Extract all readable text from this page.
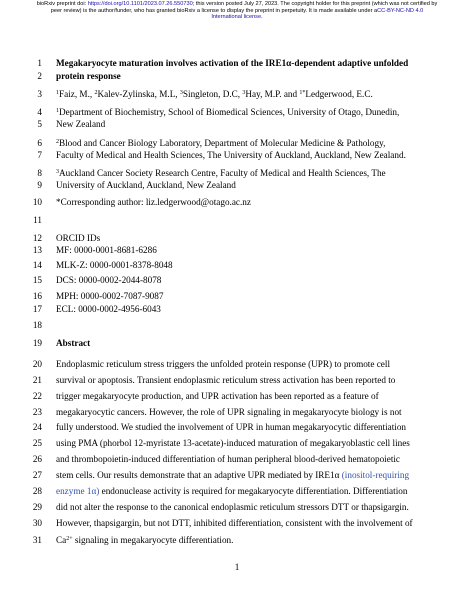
bioRxiv preprint doi: https://doi.org/10.1101/2023.07.26.550730; this version posted July 27, 2023. The copyright holder for this preprint (which was not certified by peer review) is the author/funder, who has granted bioRxiv a license to display the preprint in perpetuity. It is made available under aCC-BY-NC-ND 4.0 International license.
1 Megakaryocyte maturation involves activation of the IRE1α-dependent adaptive unfolded
2 protein response
3 $^1$Faiz, M., $^2$Kalev-Zylinska, M.L, $^3$Singleton, D.C, $^3$Hay, M.P. and $^{1*}$Ledgerwood, E.C.
4 $^1$Department of Biochemistry, School of Biomedical Sciences, University of Otago, Dunedin,
5 New Zealand
6 $^2$Blood and Cancer Biology Laboratory, Department of Molecular Medicine & Pathology,
7 Faculty of Medical and Health Sciences, The University of Auckland, Auckland, New Zealand.
8 $^3$Auckland Cancer Society Research Centre, Faculty of Medical and Health Sciences, The
9 University of Auckland, Auckland, New Zealand
10 *Corresponding author: liz.ledgerwood@otago.ac.nz
11
12 ORCID IDs
13 MF: 0000-0001-8681-6286
14 MLK-Z: 0000-0001-8378-8048
15 DCS: 0000-0002-2044-8078
16 MPH: 0000-0002-7087-9087
17 ECL: 0000-0002-4956-6043
18
19 Abstract
20 Endoplasmic reticulum stress triggers the unfolded protein response (UPR) to promote cell
21 survival or apoptosis. Transient endoplasmic reticulum stress activation has been reported to
22 trigger megakaryocyte production, and UPR activation has been reported as a feature of
23 megakaryocytic cancers. However, the role of UPR signaling in megakaryocyte biology is not
24 fully understood. We studied the involvement of UPR in human megakaryocytic differentiation
25 using PMA (phorbol 12-myristate 13-acetate)-induced maturation of megakaryoblastic cell lines
26 and thrombopoietin-induced differentiation of human peripheral blood-derived hematopoietic
27 stem cells. Our results demonstrate that an adaptive UPR mediated by IRE1α (inositol-requiring
28 enzyme 1α) endonuclease activity is required for megakaryocyte differentiation. Differentiation
29 did not alter the response to the canonical endoplasmic reticulum stressors DTT or thapsigargin.
30 However, thapsigargin, but not DTT, inhibited differentiation, consistent with the involvement of
31 $Ca^{2+}$ signaling in megakaryocyte differentiation.
1
